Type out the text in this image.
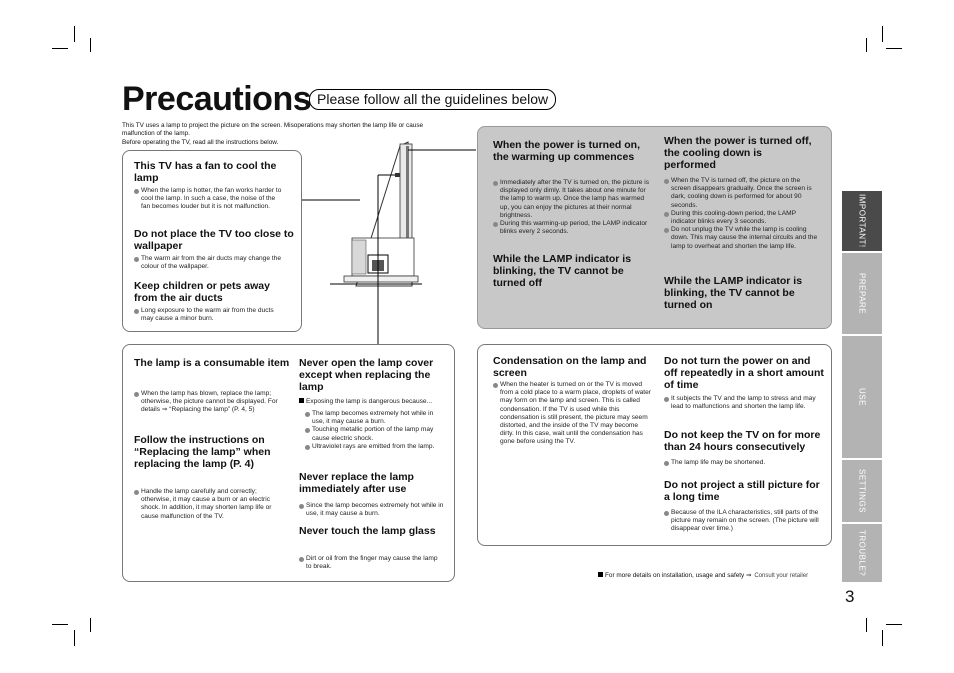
Precautions Please follow all the guidelines below
This TV uses a lamp to project the picture on the screen. Misoperations may shorten the lamp life or cause malfunction of the lamp.
Before operating the TV, read all the instructions below.
This TV has a fan to cool the lamp
When the lamp is hotter, the fan works harder to cool the lamp. In such a case, the noise of the fan becomes louder but it is not malfunction.
Do not place the TV too close to wallpaper
The warm air from the air ducts may change the colour of the wallpaper.
Keep children or pets away from the air ducts
Long exposure to the warm air from the ducts may cause a minor burn.
When the power is turned on, the warming up commences
Immediately after the TV is turned on, the picture is displayed only dimly. It takes about one minute for the lamp to warm up. Once the lamp has warmed up, you can enjoy the pictures at their normal brightness.
During this warming-up period, the LAMP indicator blinks every 2 seconds.
While the LAMP indicator is blinking, the TV cannot be turned off
When the power is turned off, the cooling down is performed
When the TV is turned off, the picture on the screen disappears gradually. Once the screen is dark, cooling down is performed for about 90 seconds.
During this cooling-down period, the LAMP indicator blinks every 3 seconds.
Do not unplug the TV while the lamp is cooling down. This may cause the internal circuits and the lamp to overheat and shorten the lamp life.
While the LAMP indicator is blinking, the TV cannot be turned on
The lamp is a consumable item
When the lamp has blown, replace the lamp; otherwise, the picture cannot be displayed. For details ⇒ “Replacing the lamp” (P. 4, 5)
Follow the instructions on “Replacing the lamp” when replacing the lamp (P. 4)
Handle the lamp carefully and correctly; otherwise, it may cause a burn or an electric shock. In addition, it may shorten lamp life or cause malfunction of the TV.
Never open the lamp cover except when replacing the lamp
Exposing the lamp is dangerous because...
The lamp becomes extremely hot while in use, it may cause a burn.
Touching metallic portion of the lamp may cause electric shock.
Ultraviolet rays are emitted from the lamp.
Never replace the lamp immediately after use
Since the lamp becomes extremely hot while in use, it may cause a burn.
Never touch the lamp glass
Dirt or oil from the finger may cause the lamp to break.
Condensation on the lamp and screen
When the heater is turned on or the TV is moved from a cold place to a warm place, droplets of water may form on the lamp and screen. This is called condensation. If the TV is used while this condensation is still present, the picture may seem distorted, and the inside of the TV may become dirty. In this case, wait until the condensation has gone before using the TV.
Do not turn the power on and off repeatedly in a short amount of time
It subjects the TV and the lamp to stress and may lead to malfunctions and shorten the lamp life.
Do not keep the TV on for more than 24 hours consecutively
The lamp life may be shortened.
Do not project a still picture for a long time
Because of the ILA characteristics, still parts of the picture may remain on the screen. (The picture will disappear over time.)
For more details on installation, usage and safety ⇒ Consult your retailer
IMPORTANT!
PREPARE
USE
SETTINGS
TROUBLE?
3
